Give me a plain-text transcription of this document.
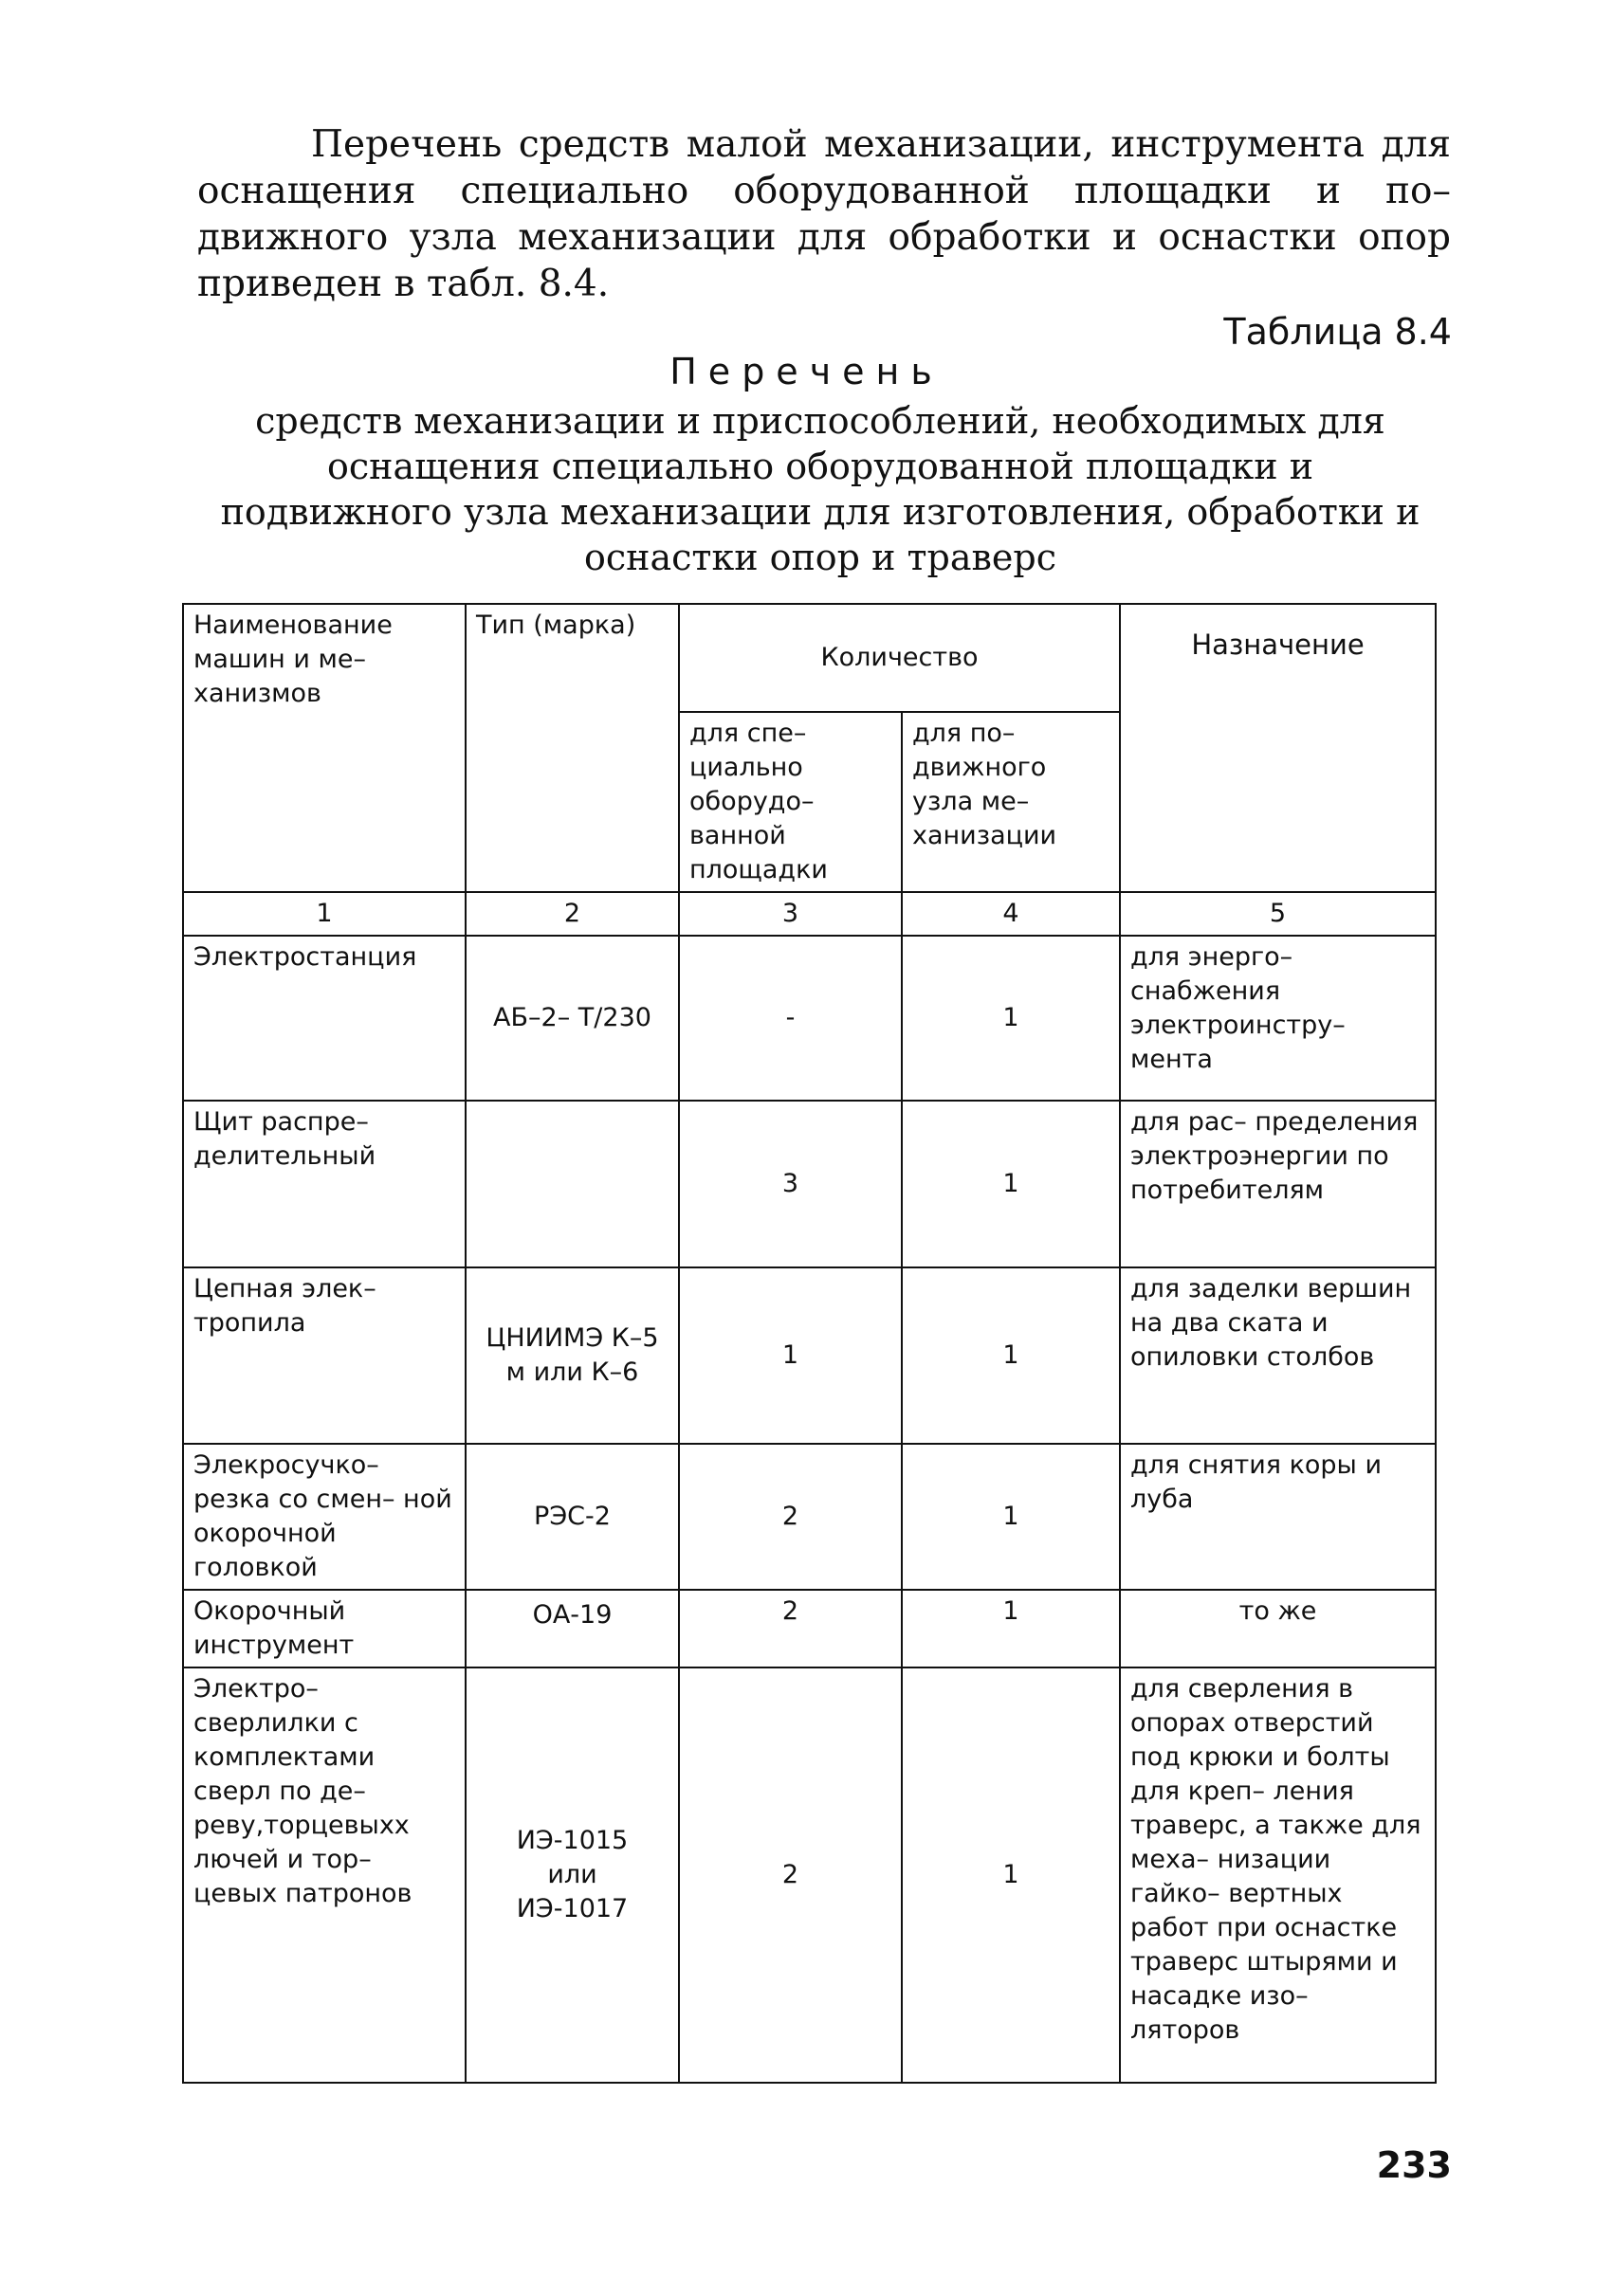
Перечень средств малой механизации, инструмента для оснащения специально оборудованной площадки и по– движного узла механизации для обработки и оснастки опор приведен в табл. 8.4.

Таблица 8.4
Перечень
средств механизации и приспособлений, необходимых для оснащения специально оборудованной площадки и подвижного узла механизации для изготовления, обработки и оснастки опор и траверс
Наименование машин и ме– ханизмов	Тип (марка)	Количество		Назначение
		для спе– циально оборудо– ванной площадки	для по– движного узла ме– ханизации	
1	2	3	4	5
Электростанция	АБ–2– Т/230	-	1	для энерго– снабжения электроинстру– мента
Щит распре– делительный		3	1	для рас– пределения электроэнергии по потребителям
Цепная элек– тропила	ЦНИИМЭ К–5 м или К–6	1	1	для заделки вершин на два ската и опиловки столбов
Элекросучко– резка со смен– ной окорочной головкой	РЭС-2	2	1	для снятия коры и луба
Окорочный инструмент	ОА-19	2	1	то же
Электро– сверлилки с комплектами сверл по де– реву,торцевыхх лючей и тор– цевых патронов	ИЭ-1015 или ИЭ-1017	2	1	для сверления в опорах отверстий под крюки и болты для креп– ления траверс, а также для меха– низации гайко– вертных работ при оснастке траверс штырями и насадке изо– ляторов
233
